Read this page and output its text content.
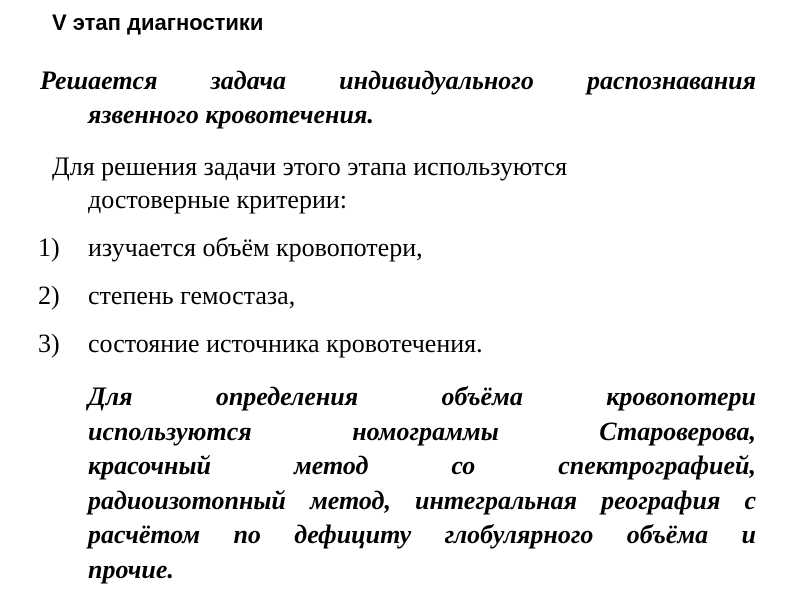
V этап диагностики
Решается задача индивидуального распознавания
язвенного кровотечения.
Для решения задачи этого этапа используются
достоверные критерии:
1)	изучается объём кровопотери,
2)	степень гемостаза,
3)	состояние источника кровотечения.
Для определения объёма кровопотери
используются номограммы Староверова,
красочный метод со спектрографией,
радиоизотопный метод, интегральная реография с
расчётом по дефициту глобулярного объёма и
прочие.
